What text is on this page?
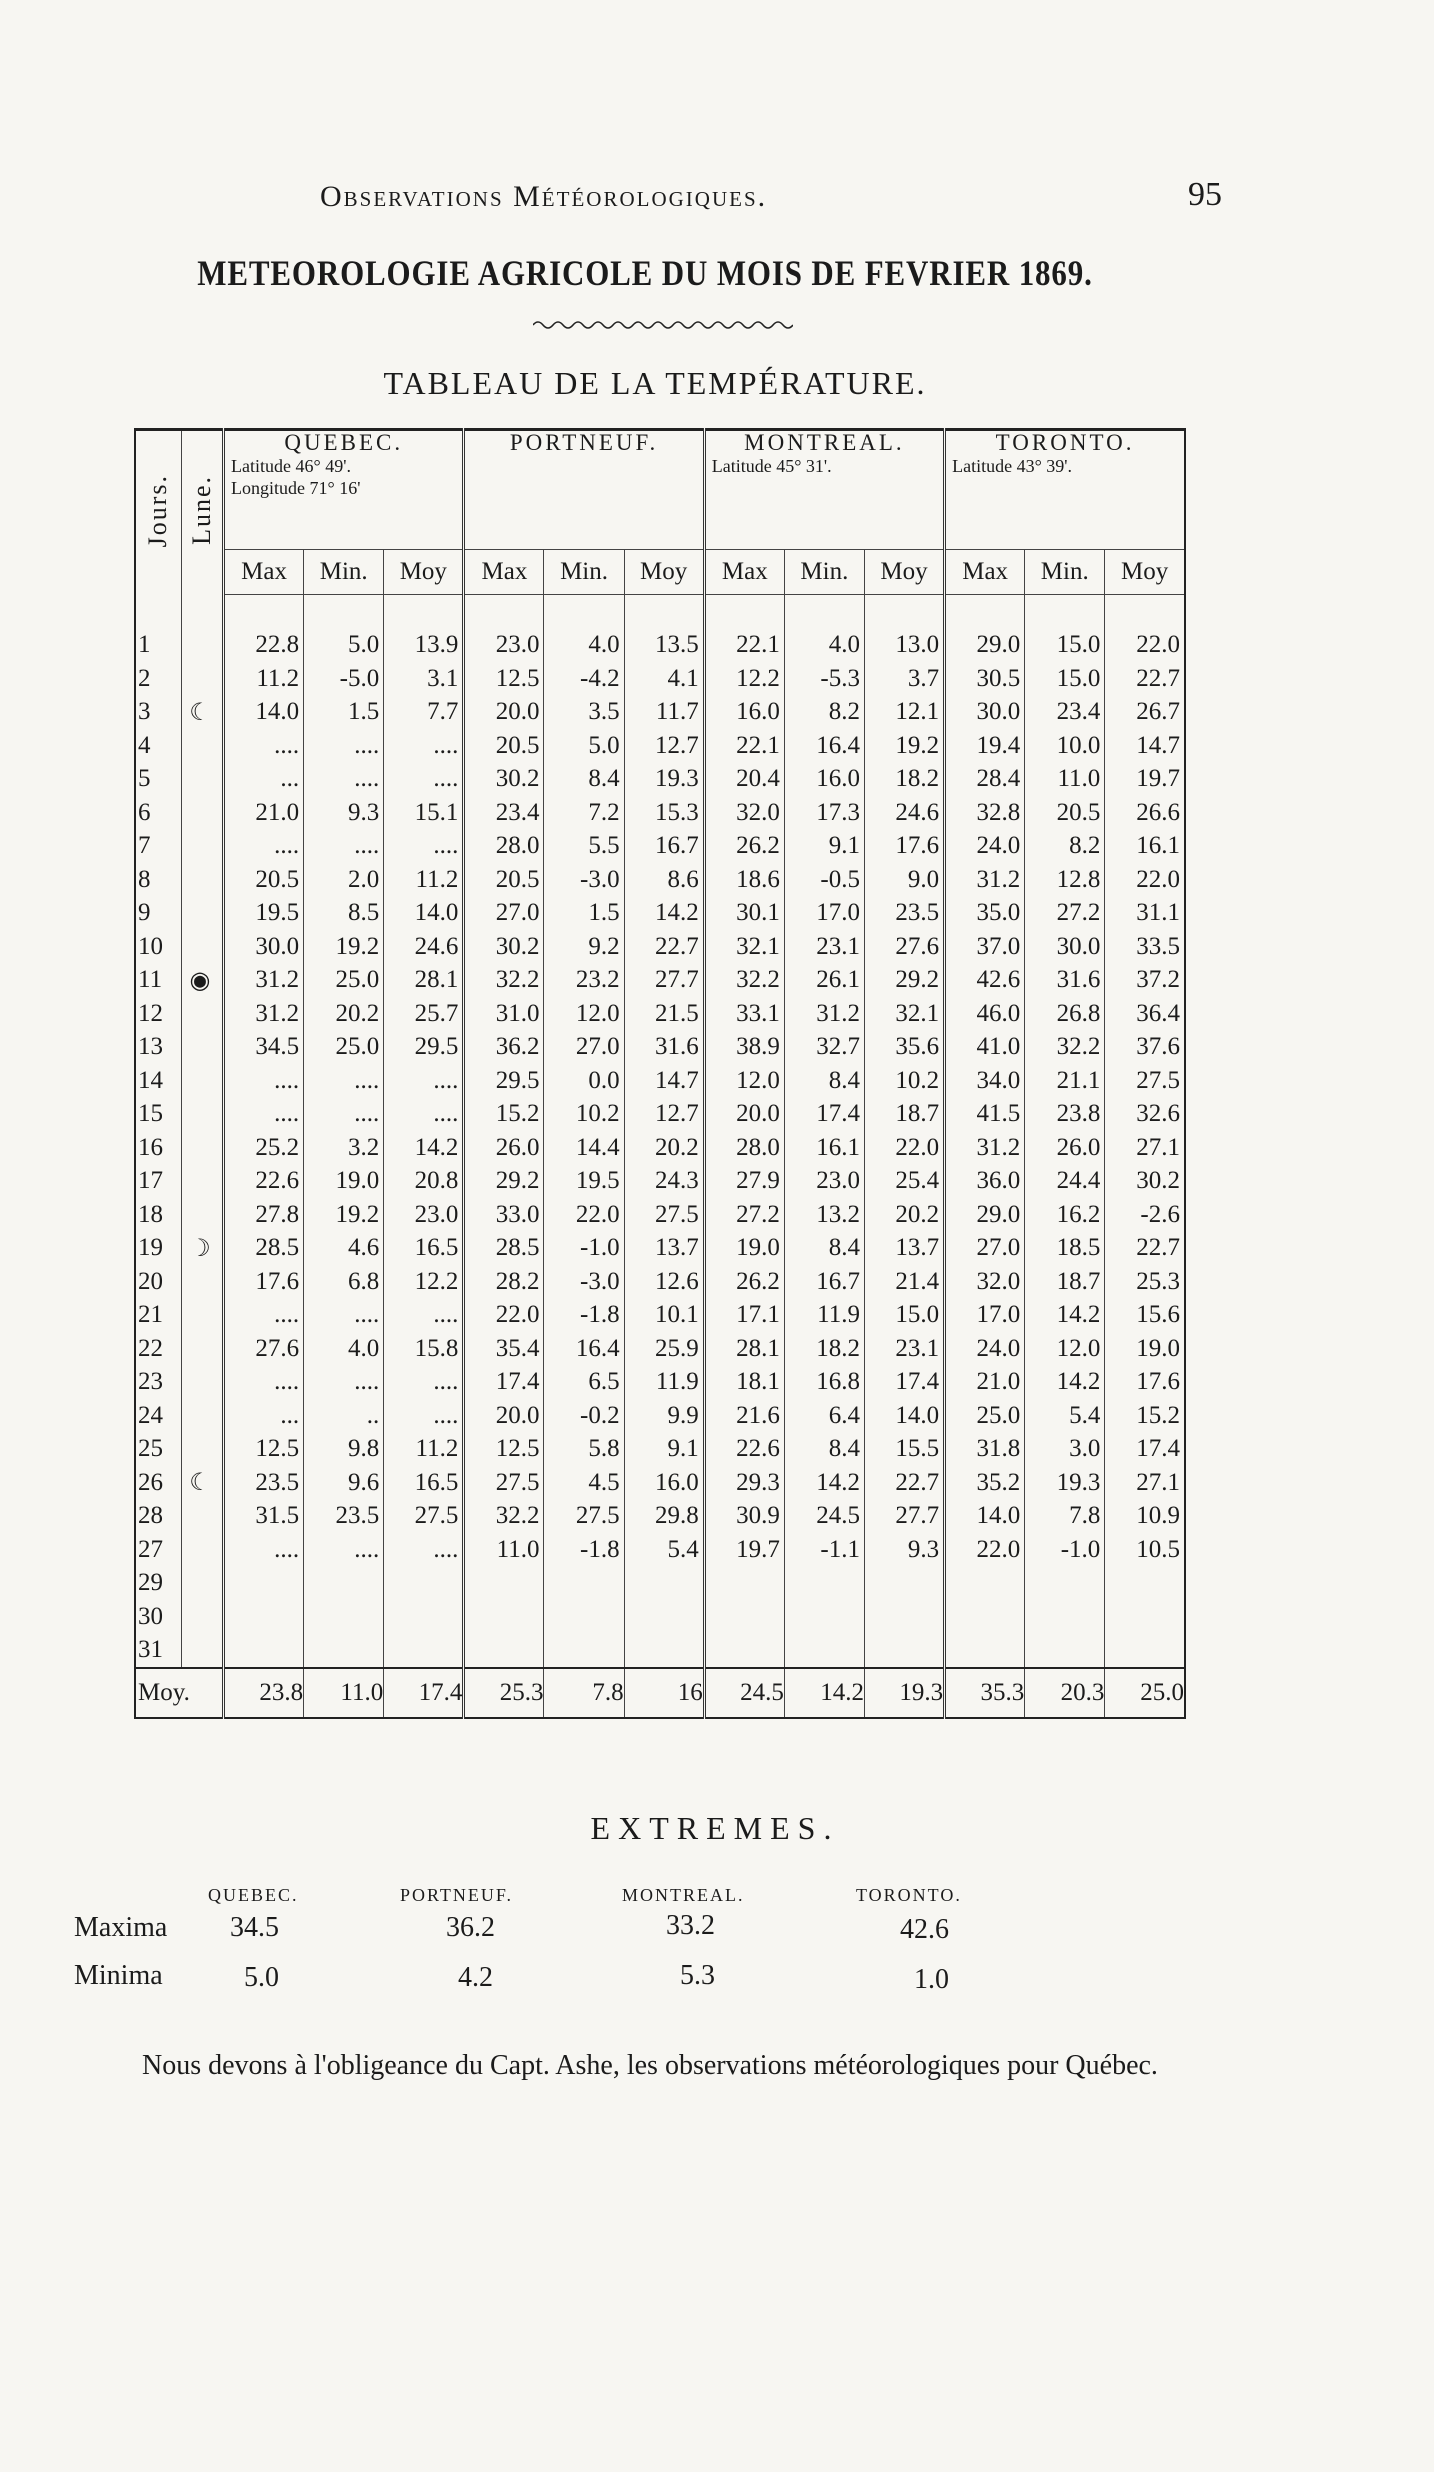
Observations Météorologiques.	95
METEOROLOGIE AGRICOLE DU MOIS DE FEVRIER 1869.
TABLEAU DE LA TEMPÉRATURE.
Jours.	Lune.	QUEBEC.
Latitude 46° 49'.
Longitude 71° 16'			PORTNEUF.			MONTREAL.
Latitude 45° 31'.			TORONTO.
Latitude 43° 39'.		

		Max	Min.	Moy	Max	Min.	Moy	Max	Min.	Moy	Max	Min.	Moy

1		22.8	5.0	13.9	23.0	4.0	13.5	22.1	4.0	13.0	29.0	15.0	22.0
2		11.2	-5.0	3.1	12.5	-4.2	4.1	12.2	-5.3	3.7	30.5	15.0	22.7
3	☾	14.0	1.5	7.7	20.0	3.5	11.7	16.0	8.2	12.1	30.0	23.4	26.7
4		....	....	....	20.5	5.0	12.7	22.1	16.4	19.2	19.4	10.0	14.7
5		...	....	....	30.2	8.4	19.3	20.4	16.0	18.2	28.4	11.0	19.7
6		21.0	9.3	15.1	23.4	7.2	15.3	32.0	17.3	24.6	32.8	20.5	26.6
7		....	....	....	28.0	5.5	16.7	26.2	9.1	17.6	24.0	8.2	16.1
8		20.5	2.0	11.2	20.5	-3.0	8.6	18.6	-0.5	9.0	31.2	12.8	22.0
9		19.5	8.5	14.0	27.0	1.5	14.2	30.1	17.0	23.5	35.0	27.2	31.1
10		30.0	19.2	24.6	30.2	9.2	22.7	32.1	23.1	27.6	37.0	30.0	33.5
11	◉	31.2	25.0	28.1	32.2	23.2	27.7	32.2	26.1	29.2	42.6	31.6	37.2
12		31.2	20.2	25.7	31.0	12.0	21.5	33.1	31.2	32.1	46.0	26.8	36.4
13		34.5	25.0	29.5	36.2	27.0	31.6	38.9	32.7	35.6	41.0	32.2	37.6
14		....	....	....	29.5	0.0	14.7	12.0	8.4	10.2	34.0	21.1	27.5
15		....	....	....	15.2	10.2	12.7	20.0	17.4	18.7	41.5	23.8	32.6
16		25.2	3.2	14.2	26.0	14.4	20.2	28.0	16.1	22.0	31.2	26.0	27.1
17		22.6	19.0	20.8	29.2	19.5	24.3	27.9	23.0	25.4	36.0	24.4	30.2
18		27.8	19.2	23.0	33.0	22.0	27.5	27.2	13.2	20.2	29.0	16.2	-2.6
19	☽	28.5	4.6	16.5	28.5	-1.0	13.7	19.0	8.4	13.7	27.0	18.5	22.7
20		17.6	6.8	12.2	28.2	-3.0	12.6	26.2	16.7	21.4	32.0	18.7	25.3
21		....	....	....	22.0	-1.8	10.1	17.1	11.9	15.0	17.0	14.2	15.6
22		27.6	4.0	15.8	35.4	16.4	25.9	28.1	18.2	23.1	24.0	12.0	19.0
23		....	....	....	17.4	6.5	11.9	18.1	16.8	17.4	21.0	14.2	17.6
24		...	..	....	20.0	-0.2	9.9	21.6	6.4	14.0	25.0	5.4	15.2
25		12.5	9.8	11.2	12.5	5.8	9.1	22.6	8.4	15.5	31.8	3.0	17.4
26	☾	23.5	9.6	16.5	27.5	4.5	16.0	29.3	14.2	22.7	35.2	19.3	27.1
28		31.5	23.5	27.5	32.2	27.5	29.8	30.9	24.5	27.7	14.0	7.8	10.9
27		....	....	....	11.0	-1.8	5.4	19.7	-1.1	9.3	22.0	-1.0	10.5
29													
30													
31													
Moy.		23.8	11.0	17.4	25.3	7.8	16	24.5	14.2	19.3	35.3	20.3	25.0
EXTREMES.
QUEBEC.	PORTNEUF.	MONTREAL.	TORONTO.
Maxima 34.5	36.2	33.2	42.6
Minima	5.0	4.2	5.3	1.0
Nous devons à l'obligeance du Capt. Ashe, les observations météorologiques pour Québec.
